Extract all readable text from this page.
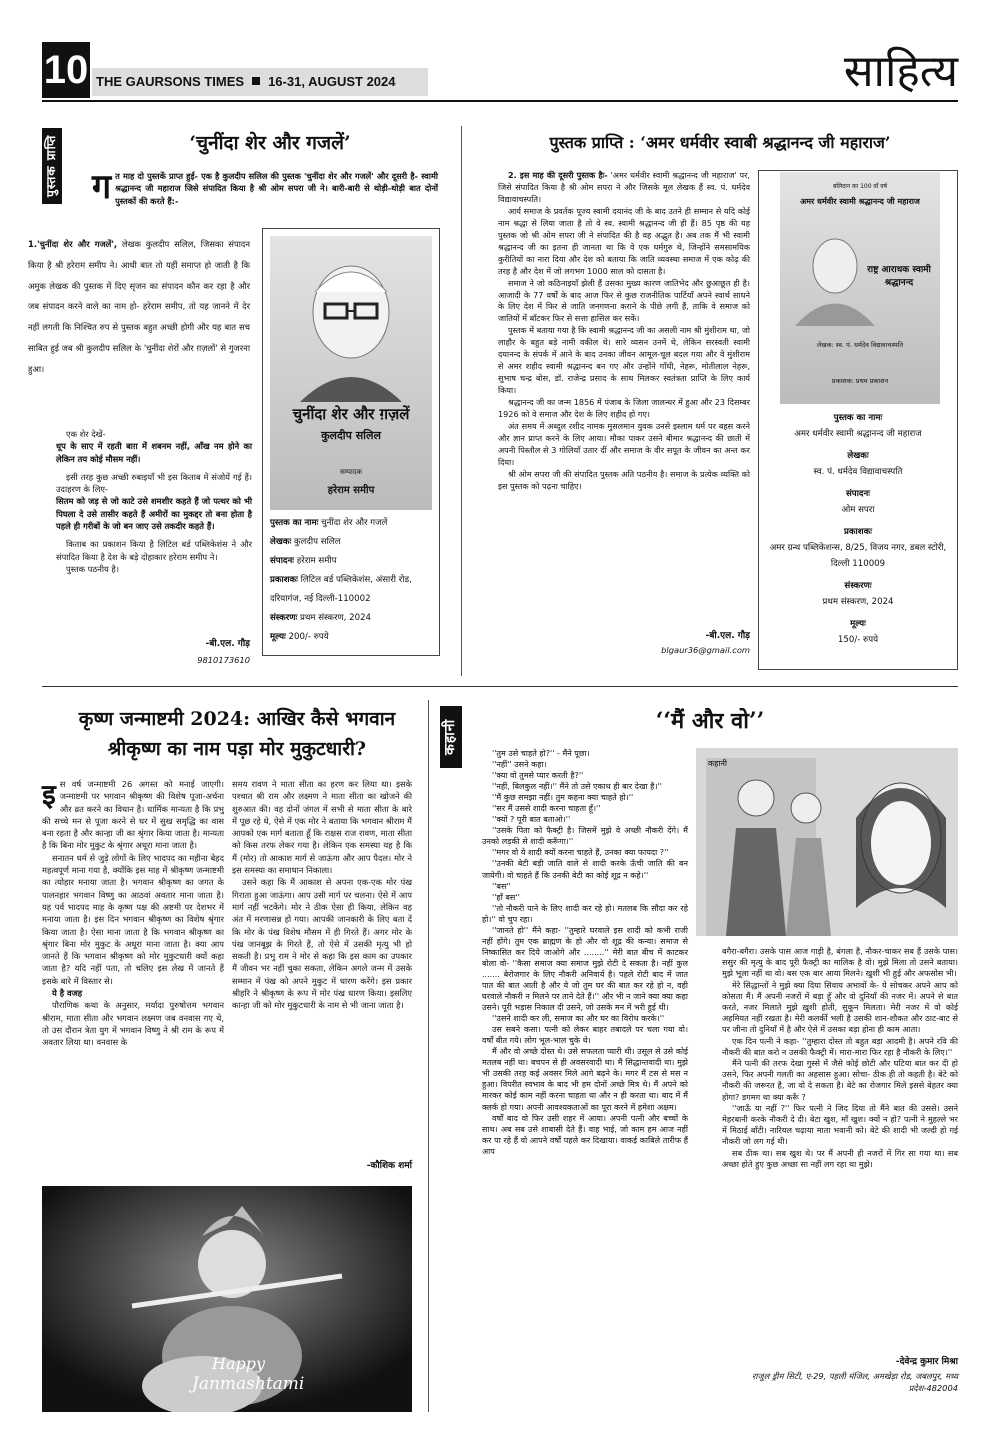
10 THE GAURSONS TIMES 16-31, AUGUST 2024	साहित्य
पुस्तक प्राप्ति	‘चुनींदा शेर और गजलें’
गत माह दो पुस्तकें प्राप्त हुईं- एक है कुलदीप सलिल की पुस्तक 'चुनींदा शेर और गजलें' और दूसरी है- स्वामी श्रद्धानन्द जी महाराज जिसे संपादित किया है श्री ओम सपरा जी ने। बारी-बारी से थोड़ी-थोड़ी बात दोनों पुस्तकों की करते हैं:-

1.'चुनींदा शेर और गजलें', लेखक कुलदीप सलिल, जिसका संपादन किया है श्री हरेराम समीप ने। आधी बात तो यहीं समाप्त हो जाती है कि अमुक लेखक की पुस्तक में दिए सृजन का संपादन कौन कर रहा है और जब संपादन करने वाले का नाम हो- हरेराम समीप, तो यह जानने में देर नहीं लगती कि निश्चित रुप से पुस्तक बहुत अच्छी होगी और यह बात सच साबित हुई जब श्री कुलदीप सलिल के 'चुनींदा शेरों और ग़ज़लों' से गुजरना हुआ।

एक शेर देखें-

धूप के साए में रहती बाग़ में शबनम नहीं, आँख नम होने का लेकिन तय कोई मौसम नहीं।

इसी तरह कुछ अच्छी रुबाइयाँ भी इस किताब में संजोयें गई हैं। उदाहरण के लिए-

सितम को जड़ से जो काटे उसे शमशीर कहते हैं जो पत्थर को भी पिघला दे उसे तासीर कहते हैं अमीरों का मुकद्दर तो बना होता है पहले ही गरीबों के जो बन जाए उसे तकदीर कहते हैं।

किताब का प्रकाशन किया है लिटिल बर्ड पब्लिकेशंस ने और संपादित किया है देश के बड़े दोहाकार हरेराम समीप ने।

पुस्तक पठनीय है।

-बी.एल. गौड़
9810173610
चुनींदा शेर और ग़ज़लें
कुलदीप सलिल
सम्पादक
हरेराम समीप
पुस्तक का नामः चुनींदा शेर और गजलें
लेखकः कुलदीप सलिल
संपादनः हरेराम समीप
प्रकाशकः लिटिल बर्ड पब्लिकेशंस, अंसारी रोड, दरियागंज, नई दिल्ली-110002
संस्करणः प्रथम संस्करण, 2024
मूल्यः 200/- रुपये
पुस्तक प्राप्ति : ‘अमर धर्मवीर स्वाबी श्रद्धानन्द जी महाराज’

2. इस माह की दूसरी पुस्तक हैः- 'अमर धर्मवीर स्वामी श्रद्धानन्द जी महाराज' पर, जिसे संपादित किया है श्री ओम सपरा ने और जिसके मूल लेखक हैं स्व. पं. धर्मदेव विद्यावाचस्पति।

आर्य समाज के प्रवर्तक पूज्य स्वामी दयानंद जी के बाद उतने ही सम्मान से यदि कोई नाम श्रद्धा से लिया जाता है तो वे स्व. स्वामी श्रद्धानन्द जी ही हैं। 85 पृष्ठ की यह पुस्तक जो श्री ओम सपरा जी ने संपादित की है वह अद्भुत है। अब तक मैं भी स्वामी श्रद्धानन्द जी का इतना ही जानता था कि वे एक धर्मगुरु थे, जिन्होंने समसामयिक कुरीतियों का नारा दिया और देश को बताया कि जाति व्यवस्था समाज में एक कोढ़ की तरह है और देश में जो लगभग 1000 साल को दासता है।

समाज ने जो कठिनाइयाँ झेली हैं उसका मुख्य कारण जातिभेद और छुआछूत ही है। आजादी के 77 वर्षों के बाद आज फिर से कुछ राजनीतिक पार्टियाँ अपने स्वार्थ साधने के लिए देश में फिर से जाति जनगणना कराने के पीछे लगी हैं, ताकि वे समाज को जातियों में बाँटकर फिर से सत्ता हासिल कर सकें।

पुस्तक में बताया गया है कि स्वामी श्रद्धानन्द जी का असली नाम श्री मुंशीराम था, जो लाहौर के बहुत बड़े नामी वकील थे। सारे व्यसन उनमें थे, लेकिन सरस्वती स्वामी दयानन्द के संपर्क में आने के बाद उनका जीवन आमूल-चूल बदल गया और वे मुंशीराम से अमर शहीद स्वामी श्रद्धानन्द बन गए और उन्होंने गाँधी, नेहरू, मोतीलाल नेहरू, सुभाष चन्द्र बोस, डॉ. राजेन्द्र प्रसाद के साथ मिलकर स्वतंत्रता प्राप्ति के लिए कार्य किया।

श्रद्धानन्द जी का जन्म 1856 में पंजाब के जिला जालन्धर में हुआ और 23 दिसम्बर 1926 को वे समाज और देश के लिए शहीद हो गए।

अंत समय में अब्दुल रशीद नामक मुसलमान युवक उनसे इस्लाम धर्म पर बहस करने और ज्ञान प्राप्त करने के लिए आया। मौका पाकर उसने बीमार श्रद्धानन्द की छाती में अपनी पिस्तौल से 3 गोलियाँ उतार दीं और समाज के वीर सपूत के जीवन का अन्त कर दिया।

श्री ओम सपरा जी की संपादित पुस्तक अति पठनीय है। समाज के प्रत्येक व्यक्ति को इस पुस्तक को पढ़ना चाहिए।

-बी.एल. गौड़
blgaur36@gmail.com
बलिदान का 100 वाँ वर्ष
अमर धर्मवीर स्वामी श्रद्धानन्द जी महाराज
राष्ट्र आराधक स्वामी श्रद्धानन्द
लेखक: स्व. पं. धर्मदेव विद्यावाचस्पति
प्रकाशक: प्रथम प्रकाशन
पुस्तक का नामः
अमर धर्मवीर स्वामी श्रद्धानन्द जी महाराज
लेखकः
स्व. पं. धर्मदेव विद्यावाचस्पति
संपादनः
ओम सपरा
प्रकाशकः
अमर ग्रन्थ पब्लिकेशन्स, 8/25, विजय नगर, डबल स्टोरी, दिल्ली 110009
संस्करणः
प्रथम संस्करण, 2024
मूल्यः
150/- रुपये
कृष्ण जन्माष्टमी 2024: आखिर कैसे भगवान
श्रीकृष्ण का नाम पड़ा मोर मुकुटधारी?

इस वर्ष जन्माष्टमी 26 अगस्त को मनाई जाएगी। जन्माष्टमी पर भगवान श्रीकृष्ण की विशेष पूजा-अर्चना और व्रत करने का विधान है। धार्मिक मान्यता है कि प्रभु की सच्चे मन से पूजा करने से घर में सुख समृद्धि का वास बना रहता है और कान्हा जी का श्रृंगार किया जाता है। मान्यता है कि बिना मोर मुकुट के श्रृंगार अधूरा माना जाता है।

सनातन धर्म से जुड़े लोगों के लिए भादपद का महीना बेहद महत्वपूर्ण माना गया है, क्योंकि इस माह में श्रीकृष्ण जन्माष्टमी का त्योहार मनाया जाता है। भगवान श्रीकृष्ण का जगत के पालनहार भगवान विष्णु का आठवां अवतार माना जाता है। यह पर्व भादपद माह के कृष्ण पक्ष की अष्टमी पर देशभर में मनाया जाता है। इस दिन भगवान श्रीकृष्ण का विशेष श्रृंगार किया जाता है। ऐसा माना जाता है कि भगवान श्रीकृष्ण का श्रृंगार बिना मोर मुकुट के अधूरा माना जाता है। क्या आप जानते हैं कि भगवान श्रीकृष्ण को मोर मुकुटधारी क्यों कहा जाता है? यदि नहीं पता, तो चलिए इस लेख में जानते हैं इसके बारे में विस्तार से।

ये है वजह

पौराणिक कथा के अनुसार, मर्यादा पुरुषोत्तम भगवान श्रीराम, माता सीता और भगवान लक्ष्मण जब वनवास गए थे, तो उस दौरान त्रेता युग में भगवान विष्णु ने श्री राम के रूप में अवतार लिया था। वनवास के

समय रावण ने माता सीता का हरण कर लिया था। इसके पश्चात श्री राम और लक्ष्मण ने माता सीता का खोजने की शुरुआत की। वह दोनों जंगल में सभी से माता सीता के बारे में पूछ रहे थे, ऐसे में एक मोर ने बताया कि भगवान श्रीराम मैं आपको एक मार्ग बताता हूँ कि राक्षस राज रावण, माता सीता को किस तरफ लेकर गया है। लेकिन एक समस्या यह है कि मैं (मोर) तो आकाश मार्ग से जाऊंगा और आप पैदल। मोर ने इस समस्या का समाधान निकाला।

उसने कहा कि मैं आकाश से अपना एक-एक मोर पंख गिराता हुआ जाऊंगा। आप उसी मार्ग पर चलना। ऐसे में आप मार्ग नहीं भटकेंगे। मोर ने ठीक ऐसा ही किया, लेकिन वह अंत में मरणासन्न हो गया। आपकी जानकारी के लिए बता दें कि मोर के पंख विशेष मौसम में ही गिरते हैं। अगर मोर के पंख जानबूझ के गिरते हैं, तो ऐसे में उसकी मृत्यु भी हो सकती है। प्रभु राम ने मोर से कहा कि इस काम का उपकार मैं जीवन भर नहीं चुका सकता, लेकिन अगले जन्म में उसके सम्मान में पंख को अपने मुकुट में धारण करेंगे। इस प्रकार श्रीहरि ने श्रीकृष्ण के रूप में मोर पंख धारण किया। इसलिए कान्हा जी को मोर मुकुटधारी के नाम से भी जाना जाता है।

-कौशिक शर्मा
Happy
Janmashtami
कहानी	‘‘मैं और वो’’

''तुम उसे चाहते हो?'' - मैंने पूछा।

''नहीं'' उसने कहा।

''क्या वो तुमसे प्यार करती है?''

''नहीं, बिलकुल नहीं।'' मैंने तो उसे एकाध ही बार देखा है।''

''मैं कुछ समझा नहीं। तुम कहना क्या चाहते हो।''

''सर मैं उससे शादी करना चाहता हूँ।''

''क्यों ? पूरी बात बताओ।''

''उसके पिता को फैक्ट्री है। जिसमें मुझे वे अच्छी नौकरी देंगे। मैं उनको लड़की से शादी करूँगा।''

''मगर वो ये शादी क्यों करना चाहते हैं, उनका क्या फायदा ?''

''उनकी बेटी बड़ी जाति वाले से शादी करके ऊँची जाति की बन जायेगी। वो चाहते हैं कि उनकी बेटी का कोई शूद्र न कहे।''

''बस''

''हाँ बस''

''तो नौकरी पाने के लिए शादी कर रहे हो। मतलब कि सौदा कर रहे हो।'' वो चुप रहा।

''जानते हो'' मैंने कहा- ''तुम्हारे घरवाले इस शादी को कभी राजी नहीं होंगे। तुम एक ब्राह्मण के हो और वो शूद्र की कन्या। समाज से निष्कासित कर दिये जाओगे और ........'' मेरी बात बीच में काटकर बोला वो- ''कैसा समाज क्या समाज मुझे रोटी दे सकता है। नहीं कुल ....... बेरोजगार के लिए नौकरी अनिवार्य है। पहले रोटी बाद में जात पात की बात आती है और ये जो तुम घर की बात कर रहे हो न, वही घरवाले नौकरी न मिलने पर ताने देते हैं।'' और भी न जाने क्या क्या कहा उसने। पूरी भड़ास निकाल दी उसने, जो उसके मन में भरी हुई थी।

''उसने शादी कर ली, समाज का और घर का विरोध करके।''

उस सबने कसा। पत्नी को लेकर बाहर तबादले पर चला गया वो। वर्षों बीत गये। लोग भूल-भाल चुके थे।

मैं और वो अच्छे दोस्त थे। उसे सफलता प्यारी थी। उसूल से उसे कोई मतलब नहीं था। बचपन से ही अवसरवादी था। मैं सिद्धान्तवादी था। मुझे भी उसकी तरह कई अवसर मिले आगे बढ़ने के। मगर मैं टस से मस न हुआ। विपरीत स्वभाव के बाद भी हम दोनों अच्छे मित्र थे। मैं अपने को मारकर कोई काम नहीं करना चाहता था और न ही करता था। बाद में मैं क्लर्क हो गया। अपनी आवश्यकताओं का पूरा करने में हमेशा अक्षम।

वर्षों बाद वो फिर उसी शहर में आया। अपनी पत्नी और बच्चों के साथ। अब सब उसे शाबासी देते हैं। वाह भाई, जो काम हम आज नहीं कर पा रहे हैं वो आपने वर्षों पहले कर दिखाया। वाकई काबिले तारीफ हैं आप

कहानी

बगैरा-बगैरा। उसके पास आज गाड़ी है, बंगला है, नौकर-चाकर सब हैं उसके पास। ससुर की मृत्यु के बाद पूरी फैक्ट्री का मालिक है वो। मुझे मिला तो उसने बताया। मुझे भूला नहीं था वो। बस एक बार आया मिलने। खुशी भी हुई और अफसोस भी।

मेरे सिद्धान्तों ने मुझे क्या दिया सिवाय अभावों के- ये सोचकर अपने आप को कोसता मैं। मैं अपनी नजरों में बड़ा हूँ और वो दुनियाँ की नजर में। अपने से बात करते, नजर मिलाते मुझे ख़ुशी होती, सुकून मिलता। मेरी नजर में वो कोई अहमियत नहीं रखता है। मेरी कलर्की भली है उसकी शान-शौकत और ठाट-बाट से पर जीना तो दुनियाँ में है और ऐसे में उसका बड़ा होना ही काम आता।

एक दिन पत्नी ने कहा- ''तुम्हारा दोस्त तो बहुत बड़ा आदमी है। अपने रवि की नौकरी की बात करो न उसकी फैक्ट्री में। मारा-मारा फिर रहा है नौकरी के लिए।''

मैंने पत्नी की तरफ देखा गुस्से में जैसे कोई छोटी और घटिया बात कर दी हो उसने, फिर अपनी गलती का अहसास हुआ। सोचा- ठीक ही तो कहती है। बेटे को नौकरी की जरूरत है, जा वो दे सकता है। बेटे का रोजगार मिले इससे बेहतर क्या होगा? डगमग था क्या करूँ ?

''जाऊँ या नहीं ?'' फिर पत्नी ने जिद दिया तो मैंने बात की उससे। उसने मेहरबानी करके नौकरी दे दी। बेटा खुश, माँ खुश। क्यों न हो? पत्नी ने मुहल्ले भर में मिठाई बाँटी। नारियल चढ़ाया माता भवानी को। बेटे की शादी भी जल्दी हो गई नौकरी जो लग गई थी।

सब ठीक था। सब खुश थे। पर मैं अपनी ही नजरों में गिर सा गया था। सब अच्छा होते हुए कुछ अच्छा सा नहीं लग रहा था मुझे।

-देवेन्द्र कुमार मिश्रा
राजुल ड्रीम सिटी, ए-29, पहली मंजिल, अमखेड़ा रोड, जबलपुर, मध्य प्रदेश-482004
